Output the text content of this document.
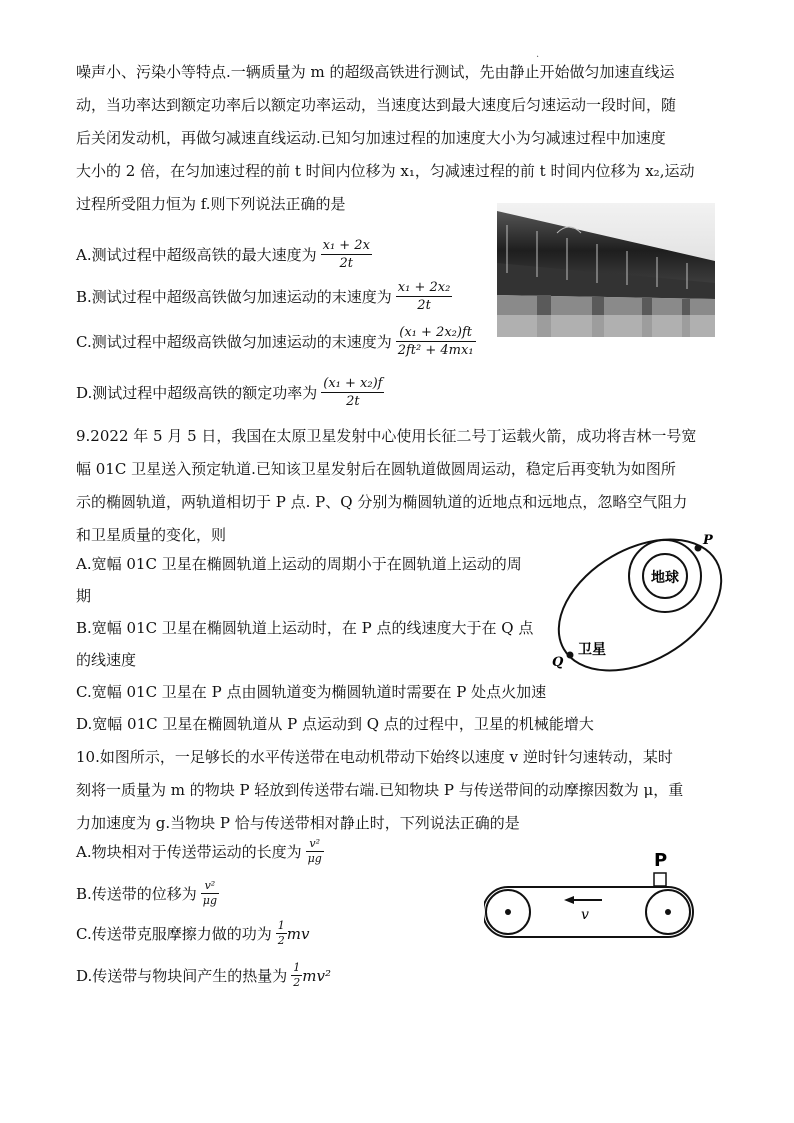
·
噪声小、污染小等特点.一辆质量为 m 的超级高铁进行测试，先由静止开始做匀加速直线运
动，当功率达到额定功率后以额定功率运动，当速度达到最大速度后匀速运动一段时间，随
后关闭发动机，再做匀减速直线运动.已知匀加速过程的加速度大小为匀减速过程中加速度
大小的 2 倍，在匀加速过程的前 t 时间内位移为 x₁，匀减速过程的前 t 时间内位移为 x₂,运动
过程所受阻力恒为 f.则下列说法正确的是
A.测试过程中超级高铁的最大速度为 $\frac{\text{x₁ + 2x}}{2t}$
B.测试过程中超级高铁做匀加速运动的末速度为 $\frac{\text{x₁ + 2x₂}}{2t}$
C.测试过程中超级高铁做匀加速运动的末速度为 $\frac{\text{(x₁ + 2x₂)ft}}{\text{2ft² + 4mx₁}}$
D.测试过程中超级高铁的额定功率为 $\frac{\text{(x₁ + x₂)f}}{2t}$
9.2022 年 5 月 5 日，我国在太原卫星发射中心使用长征二号丁运载火箭，成功将吉林一号宽
幅 01C 卫星送入预定轨道.已知该卫星发射后在圆轨道做圆周运动，稳定后再变轨为如图所
示的椭圆轨道，两轨道相切于 P 点. P、Q 分别为椭圆轨道的近地点和远地点，忽略空气阻力
和卫星质量的变化，则
A.宽幅 01C 卫星在椭圆轨道上运动的周期小于在圆轨道上运动的周
期
B.宽幅 01C 卫星在椭圆轨道上运动时，在 P 点的线速度大于在 Q 点
的线速度
C.宽幅 01C 卫星在 P 点由圆轨道变为椭圆轨道时需要在 P 处点火加速
D.宽幅 01C 卫星在椭圆轨道从 P 点运动到 Q 点的过程中，卫星的机械能增大
地球
P
Q
卫星
10.如图所示，一足够长的水平传送带在电动机带动下始终以速度 v 逆时针匀速转动，某时
刻将一质量为 m 的物块 P 轻放到传送带右端.已知物块 P 与传送带间的动摩擦因数为 μ，重
力加速度为 g.当物块 P 恰与传送带相对静止时，下列说法正确的是
A.物块相对于传送带运动的长度为 $\frac{\text{v²}}{\mu g}$
B.传送带的位移为 $\frac{\text{v²}}{\mu g}$
C.传送带克服摩擦力做的功为 $\frac{1}{2}$ mv
D.传送带与物块间产生的热量为 $\frac{1}{2} mv^2$
P
v
